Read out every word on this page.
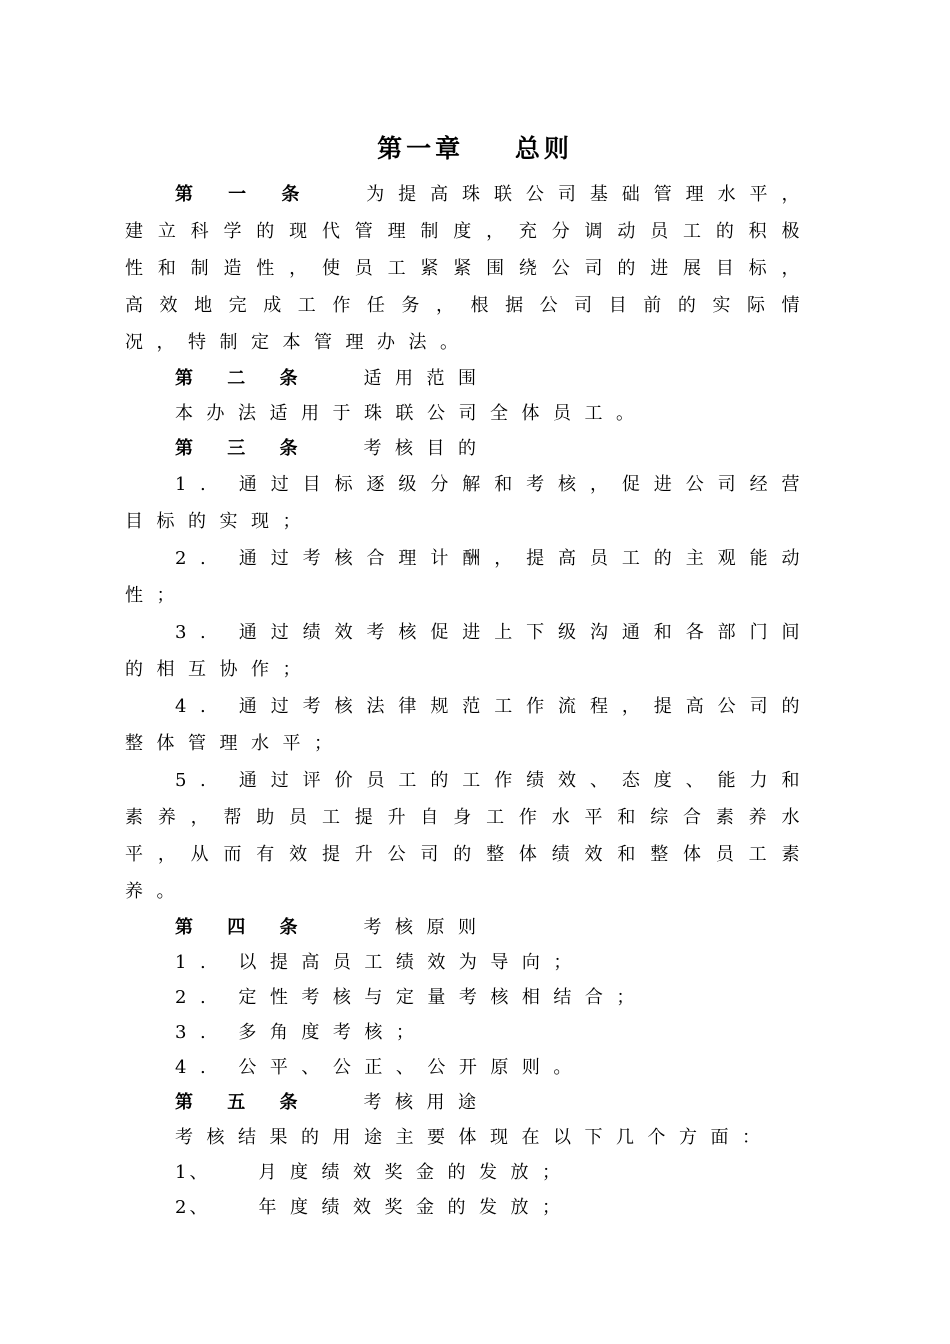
第一章    总则

第 一 条	为提高珠联公司基础管理水平，建立科学的现代管理制度，充分调动员工的积极性和制造性，使员工紧紧围绕公司的进展目标，高效地完成工作任务，根据公司目前的实际情况，特制定本管理办法。

第 二 条	适用范围

本办法适用于珠联公司全体员工。

第 三 条	考核目的

1. 通过目标逐级分解和考核，促进公司经营目标的实现；

2. 通过考核合理计酬，提高员工的主观能动性；

3. 通过绩效考核促进上下级沟通和各部门间的相互协作；

4. 通过考核法律规范工作流程，提高公司的整体管理水平；

5. 通过评价员工的工作绩效、态度、能力和素养，帮助员工提升自身工作水平和综合素养水平，从而有效提升公司的整体绩效和整体员工素养。

第 四 条	考核原则

1. 以提高员工绩效为导向；

2. 定性考核与定量考核相结合；

3. 多角度考核；

4. 公平、公正、公开原则。

第 五 条	考核用途

考核结果的用途主要体现在以下几个方面：

1、	月度绩效奖金的发放；

2、	年度绩效奖金的发放；
